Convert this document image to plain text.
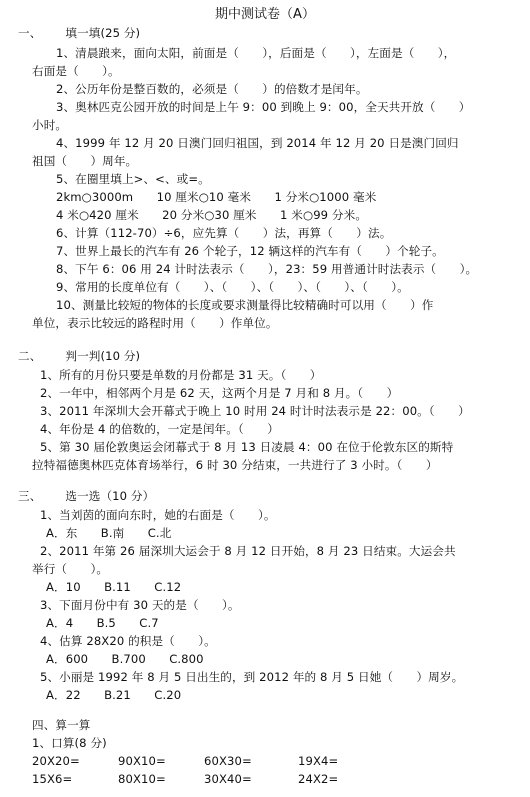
期中测试卷（A）
一、 填一填(25 分)
1、清晨踉来，面向太阳，前面是（　　），后面是（　　），左面是（　　），
右面是（　　）。
2、公历年份是整百数的，必须是（　　）的倍数才是闰年。
3、奥林匹克公园开放的时间是上午 9：00 到晚上 9：00，全天共开放（　　）
小时。
4、1999 年 12 月 20 日澳门回归祖国，到 2014 年 12 月 20 日是澳门回归
祖国（　　）周年。
5、在圈里填上>、<、或=。
2km○3000m　　10 厘米○10 毫米　　1 分米○1000 毫米
4 米○420 厘米　　20 分米○30 厘米　　1 米○99 分米。
6、计算（112-70）÷6，应先算（　　）法，再算（　　）法。
7、世界上最长的汽车有 26 个轮子，12 辆这样的汽车有（　　）个轮子。
8、下午 6：06 用 24 计时法表示（　　），23：59 用普通计时法表示（　　）。
9、常用的长度单位有（　　）、（　　）、（　　）、（　　）、（　　）。
10、测量比较短的物体的长度或要求测量得比较精确时可以用（　　）作
单位，表示比较远的路程时用（　　）作单位。
二、 判一判(10 分)
1、所有的月份只要是单数的月份都是 31 天。（　　）
2、一年中，相邻两个月是 62 天，这两个月是 7 月和 8 月。（　　）
3、2011 年深圳大会开幕式于晚上 10 时用 24 时计时法表示是 22：00。（　　）
4、年份是 4 的倍数的，一定是闰年。（　　）
5、第 30 届伦敦奥运会闭幕式于 8 月 13 日凌晨 4：00 在位于伦敦东区的斯特
拉特福德奥林匹克体育场举行，6 时 30 分结束，一共进行了 3 小时。（　　）
三、 选一选（10 分）
1、当刘茵的面向东时，她的右面是（　　）。
A．东　　B.南　　C.北
2、2011 年第 26 届深圳大运会于 8 月 12 日开始，8 月 23 日结束。大运会共
举行（　　）。
A．10　　B.11　　C.12
3、下面月份中有 30 天的是（　　）。
A．4　　B.5　　C.7
4、估算 28X20 的积是（　　）。
A．600　　B.700　　C.800
5、小丽是 1992 年 8 月 5 日出生的，到 2012 年的 8 月 5 日她（　　）周岁。
A．22　　B.21　　C.20
四、算一算
1、口算(8 分)
20X20=	90X10=	60X30=	19X4=
15X6=	80X10=	30X40=	24X2=
